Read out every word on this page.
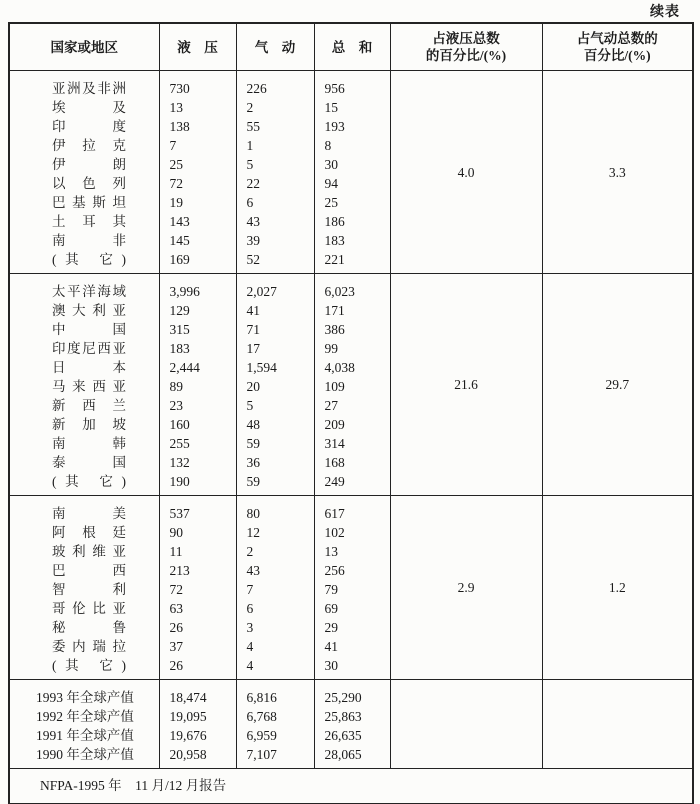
续表
国家或地区	液　压	气　动	总　和	
占液压总数
的百分比/(%)

占气动总数的
百分比/(%)

亚洲及非洲	730	226	956	4.0	3.3
埃 及	13	2	15		
印 度	138	55	193		
伊 拉 克	7	1	8		
伊 朗	25	5	30		
以 色 列	72	22	94		
巴 基 斯 坦	19	6	25		
土 耳 其	143	43	186		
南 非	145	39	183		
(其 它)	169	52	221		
太平洋海域	3,996	2,027	6,023	21.6	29.7
澳 大 利 亚	129	41	171		
中 国	315	71	386		
印度尼西亚	183	17	99		
日 本	2,444	1,594	4,038		
马 来 西 亚	89	20	109		
新 西 兰	23	5	27		
新 加 坡	160	48	209		
南 韩	255	59	314		
泰 国	132	36	168		
(其 它)	190	59	249		
南 美	537	80	617	2.9	1.2
阿 根 廷	90	12	102		
玻 利 维 亚	11	2	13		
巴 西	213	43	256		
智 利	72	7	79		
哥 伦 比 亚	63	6	69		
秘 鲁	26	3	29		
委 内 瑞 拉	37	4	41		
(其 它)	26	4	30		
1993 年全球产值	18,474	6,816	25,290		
1992 年全球产值	19,095	6,768	25,863		
1991 年全球产值	19,676	6,959	26,635		
1990 年全球产值	20,958	7,107	28,065		
NFPA-1995 年　11 月/12 月报告					
